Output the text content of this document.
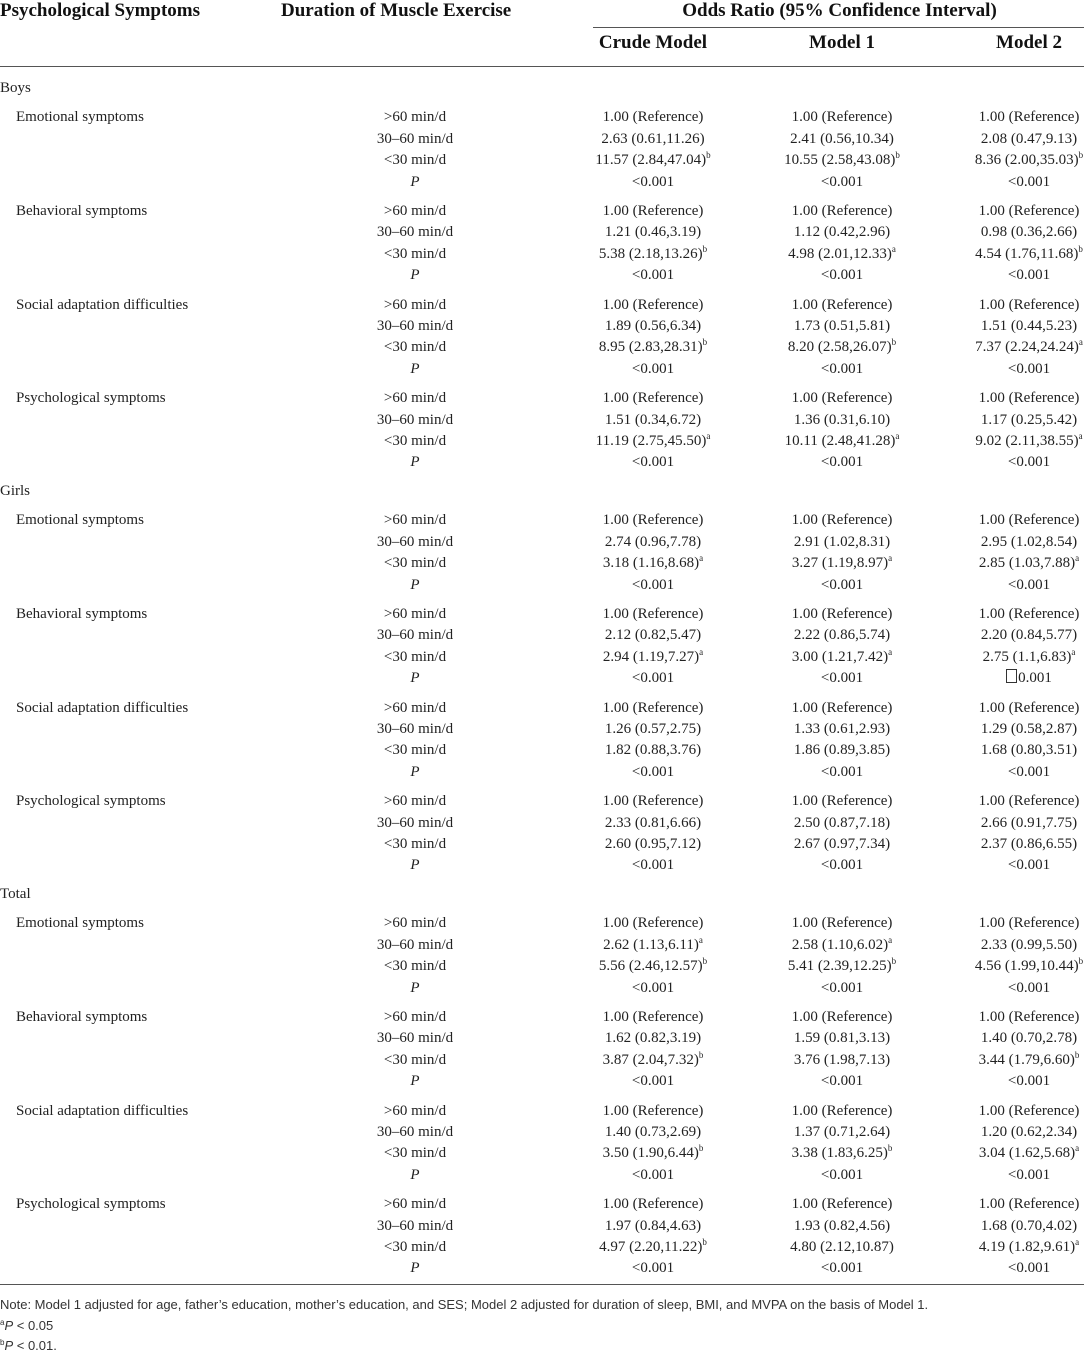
Psychological Symptoms	Duration of Muscle Exercise	Odds Ratio (95% Confidence Interval)
Crude Model	Model 1	Model 2
Boys
Emotional symptoms	>60 min/d	1.00 (Reference)	1.00 (Reference)	1.00 (Reference)
30–60 min/d	2.63 (0.61,11.26)	2.41 (0.56,10.34)	2.08 (0.47,9.13)
<30 min/d	11.57 $(2.84,47.04)^b$	10.55 $(2.58,43.08)^b$	8.36 $(2.00,35.03)^b$
P	<0.001	<0.001	<0.001
Behavioral symptoms	>60 min/d	1.00 (Reference)	1.00 (Reference)	1.00 (Reference)
30–60 min/d	1.21 (0.46,3.19)	1.12 (0.42,2.96)	0.98 (0.36,2.66)
<30 min/d	5.38 $(2.18,13.26)^b$	4.98 $(2.01,12.33)^a$	4.54 $(1.76,11.68)^b$
P	<0.001	<0.001	<0.001
Social adaptation difficulties	>60 min/d	1.00 (Reference)	1.00 (Reference)	1.00 (Reference)
30–60 min/d	1.89 (0.56,6.34)	1.73 (0.51,5.81)	1.51 (0.44,5.23)
<30 min/d	8.95 $(2.83,28.31)^b$	8.20 $(2.58,26.07)^b$	7.37 $(2.24,24.24)^a$
P	<0.001	<0.001	<0.001
Psychological symptoms	>60 min/d	1.00 (Reference)	1.00 (Reference)	1.00 (Reference)
30–60 min/d	1.51 (0.34,6.72)	1.36 (0.31,6.10)	1.17 (0.25,5.42)
<30 min/d	11.19 $(2.75,45.50)^a$	10.11 $(2.48,41.28)^a$	9.02 $(2.11,38.55)^a$
P	<0.001	<0.001	<0.001
Girls
Emotional symptoms	>60 min/d	1.00 (Reference)	1.00 (Reference)	1.00 (Reference)
30–60 min/d	2.74 (0.96,7.78)	2.91 (1.02,8.31)	2.95 (1.02,8.54)
<30 min/d	3.18 $(1.16,8.68)^a$	3.27 $(1.19,8.97)^a$	2.85 $(1.03,7.88)^a$
P	<0.001	<0.001	<0.001
Behavioral symptoms	>60 min/d	1.00 (Reference)	1.00 (Reference)	1.00 (Reference)
30–60 min/d	2.12 (0.82,5.47)	2.22 (0.86,5.74)	2.20 (0.84,5.77)
<30 min/d	2.94 $(1.19,7.27)^a$	3.00 $(1.21,7.42)^a$	2.75 $(1.1,6.83)^a$
P	<0.001	<0.001	0.001
Social adaptation difficulties	>60 min/d	1.00 (Reference)	1.00 (Reference)	1.00 (Reference)
30–60 min/d	1.26 (0.57,2.75)	1.33 (0.61,2.93)	1.29 (0.58,2.87)
<30 min/d	1.82 (0.88,3.76)	1.86 (0.89,3.85)	1.68 (0.80,3.51)
P	<0.001	<0.001	<0.001
Psychological symptoms	>60 min/d	1.00 (Reference)	1.00 (Reference)	1.00 (Reference)
30–60 min/d	2.33 (0.81,6.66)	2.50 (0.87,7.18)	2.66 (0.91,7.75)
<30 min/d	2.60 (0.95,7.12)	2.67 (0.97,7.34)	2.37 (0.86,6.55)
P	<0.001	<0.001	<0.001
Total
Emotional symptoms	>60 min/d	1.00 (Reference)	1.00 (Reference)	1.00 (Reference)
30–60 min/d	2.62 $(1.13,6.11)^a$	2.58 $(1.10,6.02)^a$	2.33 (0.99,5.50)
<30 min/d	5.56 $(2.46,12.57)^b$	5.41 $(2.39,12.25)^b$	4.56 $(1.99,10.44)^b$
P	<0.001	<0.001	<0.001
Behavioral symptoms	>60 min/d	1.00 (Reference)	1.00 (Reference)	1.00 (Reference)
30–60 min/d	1.62 (0.82,3.19)	1.59 (0.81,3.13)	1.40 (0.70,2.78)
<30 min/d	3.87 $(2.04,7.32)^b$	3.76 (1.98,7.13)	3.44 $(1.79,6.60)^b$
P	<0.001	<0.001	<0.001
Social adaptation difficulties	>60 min/d	1.00 (Reference)	1.00 (Reference)	1.00 (Reference)
30–60 min/d	1.40 (0.73,2.69)	1.37 (0.71,2.64)	1.20 (0.62,2.34)
<30 min/d	3.50 $(1.90,6.44)^b$	3.38 $(1.83,6.25)^b$	3.04 $(1.62,5.68)^a$
P	<0.001	<0.001	<0.001
Psychological symptoms	>60 min/d	1.00 (Reference)	1.00 (Reference)	1.00 (Reference)
30–60 min/d	1.97 (0.84,4.63)	1.93 (0.82,4.56)	1.68 (0.70,4.02)
<30 min/d	4.97 $(2.20,11.22)^b$	4.80 (2.12,10.87)	4.19 $(1.82,9.61)^a$
P	<0.001	<0.001	<0.001
Note: Model 1 adjusted for age, father’s education, mother’s education, and SES; Model 2 adjusted for duration of sleep, BMI, and MVPA on the basis of Model 1.
$^a$P < 0.05
$^b$P < 0.01.
